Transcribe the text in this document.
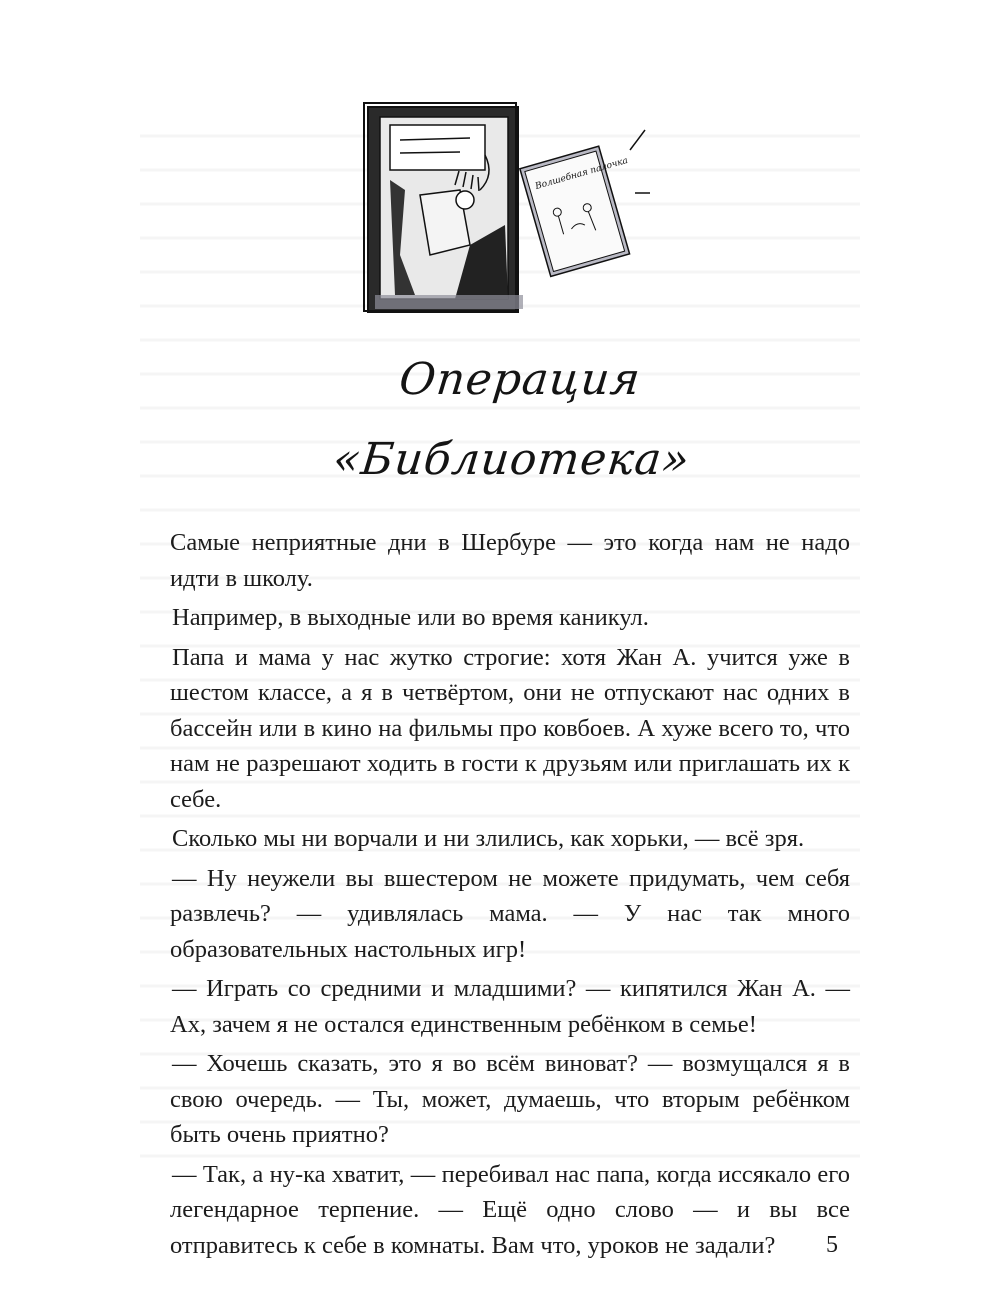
Волшебная палочка
Операция «Библиотека»

Самые неприятные дни в Шербуре — это когда нам не надо идти в школу.

Например, в выходные или во время каникул.

Папа и мама у нас жутко строгие: хотя Жан А. учится уже в шестом классе, а я в четвёртом, они не отпускают нас одних в бассейн или в кино на фильмы про ковбоев. А хуже всего то, что нам не разрешают ходить в гости к друзьям или приглашать их к себе.

Сколько мы ни ворчали и ни злились, как хорьки, — всё зря.

— Ну неужели вы вшестером не можете придумать, чем себя развлечь? — удивлялась мама. — У нас так много образовательных настольных игр!

— Играть со средними и младшими? — кипятился Жан А. — Ах, зачем я не остался единственным ребёнком в семье!

— Хочешь сказать, это я во всём виноват? — возмущался я в свою очередь. — Ты, может, думаешь, что вторым ребёнком быть очень приятно?

— Так, а ну-ка хватит, — перебивал нас папа, когда иссякало его легендарное терпение. — Ещё одно слово — и вы все отправитесь к себе в комнаты. Вам что, уроков не задали?	5
